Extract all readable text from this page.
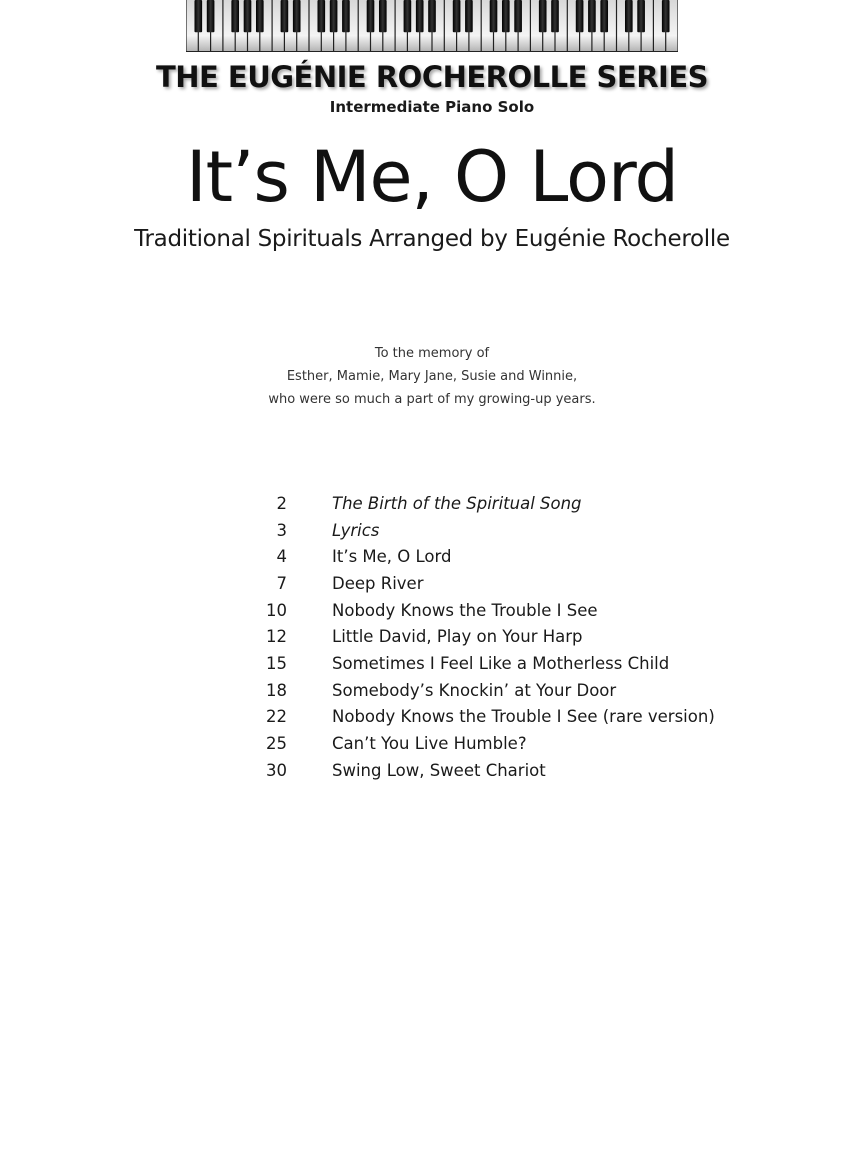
THE EUGÉNIE ROCHEROLLE SERIES
Intermediate Piano Solo
It’s Me, O Lord
Traditional Spirituals Arranged by Eugénie Rocherolle
To the memory of
Esther, Mamie, Mary Jane, Susie and Winnie,
who were so much a part of my growing-up years.
2	The Birth of the Spiritual Song
3	Lyrics
4	It’s Me, O Lord
7	Deep River
10	Nobody Knows the Trouble I See
12	Little David, Play on Your Harp
15	Sometimes I Feel Like a Motherless Child
18	Somebody’s Knockin’ at Your Door
22	Nobody Knows the Trouble I See (rare version)
25	Can’t You Live Humble?
30	Swing Low, Sweet Chariot
